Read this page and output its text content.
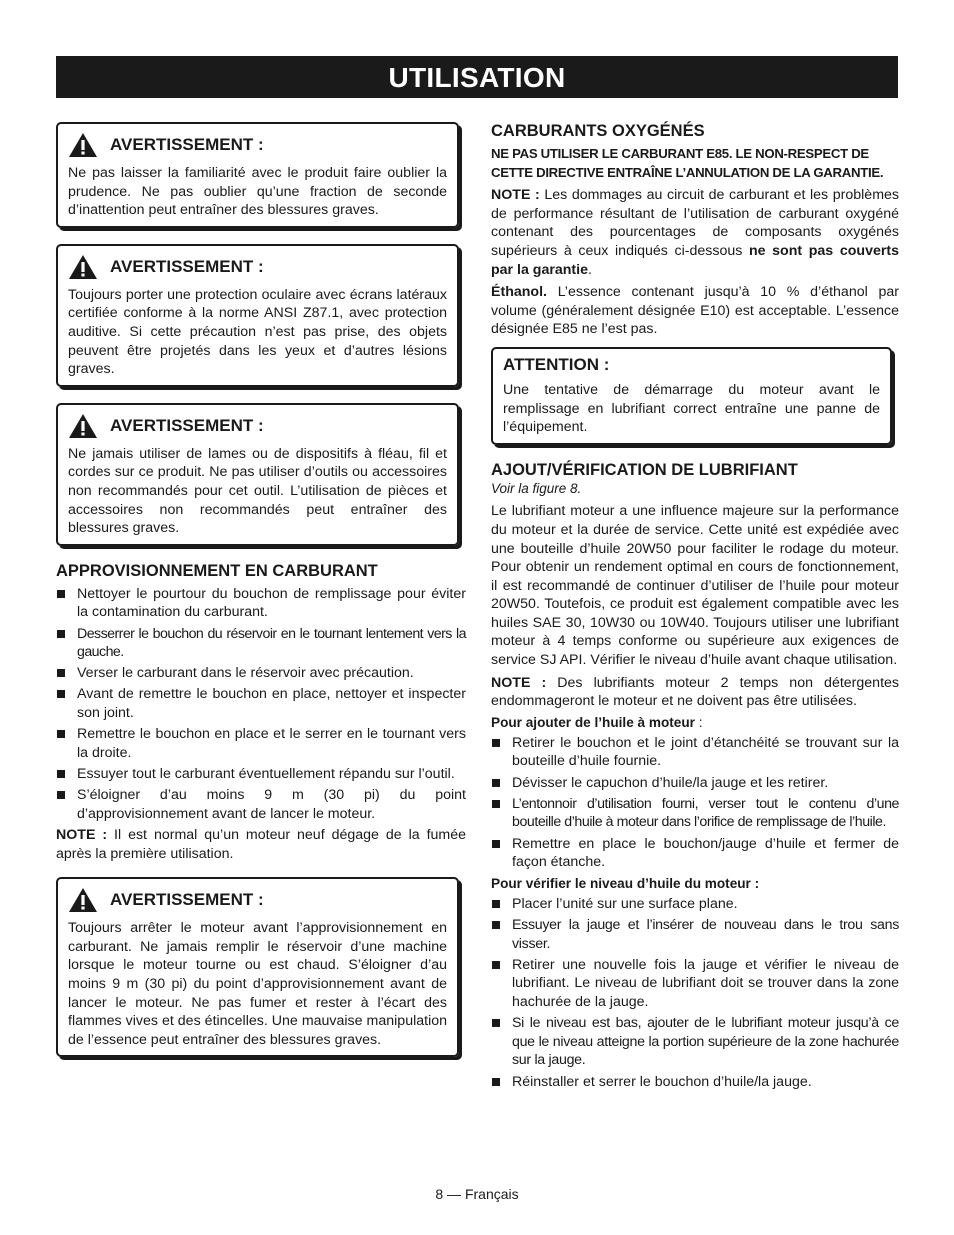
UTILISATION
AVERTISSEMENT :
Ne pas laisser la familiarité avec le produit faire oublier la prudence. Ne pas oublier qu’une fraction de seconde d’inattention peut entraîner des blessures graves.
AVERTISSEMENT :
Toujours porter une protection oculaire avec écrans latéraux certifiée conforme à la norme ANSI Z87.1, avec protection auditive. Si cette précaution n’est pas prise, des objets peuvent être projetés dans les yeux et d’autres lésions graves.
AVERTISSEMENT :
Ne jamais utiliser de lames ou de dispositifs à fléau, fil et cordes sur ce produit. Ne pas utiliser d’outils ou accessoires non recommandés pour cet outil. L’utilisation de pièces et accessoires non recommandés peut entraîner des blessures graves.
APPROVISIONNEMENT EN CARBURANT
Nettoyer le pourtour du bouchon de remplissage pour éviter la contamination du carburant.
Desserrer le bouchon du réservoir en le tournant lentement vers la gauche.
Verser le carburant dans le réservoir avec précaution.
Avant de remettre le bouchon en place, nettoyer et inspecter son joint.
Remettre le bouchon en place et le serrer en le tournant vers la droite.
Essuyer tout le carburant éventuellement répandu sur l’outil.
S’éloigner d’au moins 9 m (30 pi) du point d’approvisionnement avant de lancer le moteur.

NOTE : Il est normal qu’un moteur neuf dégage de la fumée après la première utilisation.

AVERTISSEMENT :
Toujours arrêter le moteur avant l’approvisionnement en carburant. Ne jamais remplir le réservoir d’une machine lorsque le moteur tourne ou est chaud. S’éloigner d’au moins 9 m (30 pi) du point d’approvisionnement avant de lancer le moteur. Ne pas fumer et rester à l’écart des flammes vives et des étincelles. Une mauvaise manipulation de l’essence peut entraîner des blessures graves.
CARBURANTS OXYGÉNÉS
NE PAS UTILISER LE CARBURANT E85. LE NON-RESPECT DE CETTE DIRECTIVE ENTRAÎNE L’ANNULATION DE LA GARANTIE.

NOTE : Les dommages au circuit de carburant et les problèmes de performance résultant de l’utilisation de carburant oxygéné contenant des pourcentages de composants oxygénés supérieurs à ceux indiqués ci-dessous ne sont pas couverts par la garantie.

Éthanol. L’essence contenant jusqu’à 10 % d’éthanol par volume (généralement désignée E10) est acceptable. L’essence désignée E85 ne l’est pas.

ATTENTION :
Une tentative de démarrage du moteur avant le remplissage en lubrifiant correct entraîne une panne de l’équipement.
AJOUT/VÉRIFICATION DE LUBRIFIANT
Voir la figure 8.

Le lubrifiant moteur a une influence majeure sur la performance du moteur et la durée de service. Cette unité est expédiée avec une bouteille d’huile 20W50 pour faciliter le rodage du moteur. Pour obtenir un rendement optimal en cours de fonctionnement, il est recommandé de continuer d’utiliser de l’huile pour moteur 20W50. Toutefois, ce produit est également compatible avec les huiles SAE 30, 10W30 ou 10W40. Toujours utiliser une lubrifiant moteur à 4 temps conforme ou supérieure aux exigences de service SJ API. Vérifier le niveau d’huile avant chaque utilisation.

NOTE : Des lubrifiants moteur 2 temps non détergentes endommageront le moteur et ne doivent pas être utilisées.

Pour ajouter de l’huile à moteur :
Retirer le bouchon et le joint d’étanchéité se trouvant sur la bouteille d’huile fournie.
Dévisser le capuchon d’huile/la jauge et les retirer.
L’entonnoir d’utilisation fourni, verser tout le contenu d’une bouteille d’huile à moteur dans l’orifice de remplissage de l’huile.
Remettre en place le bouchon/jauge d’huile et fermer de façon étanche.
Pour vérifier le niveau d’huile du moteur :
Placer l’unité sur une surface plane.
Essuyer la jauge et l’insérer de nouveau dans le trou sans visser.
Retirer une nouvelle fois la jauge et vérifier le niveau de lubrifiant. Le niveau de lubrifiant doit se trouver dans la zone hachurée de la jauge.
Si le niveau est bas, ajouter de le lubrifiant moteur jusqu’à ce que le niveau atteigne la portion supérieure de la zone hachurée sur la jauge.
Réinstaller et serrer le bouchon d’huile/la jauge.
8 — Français
